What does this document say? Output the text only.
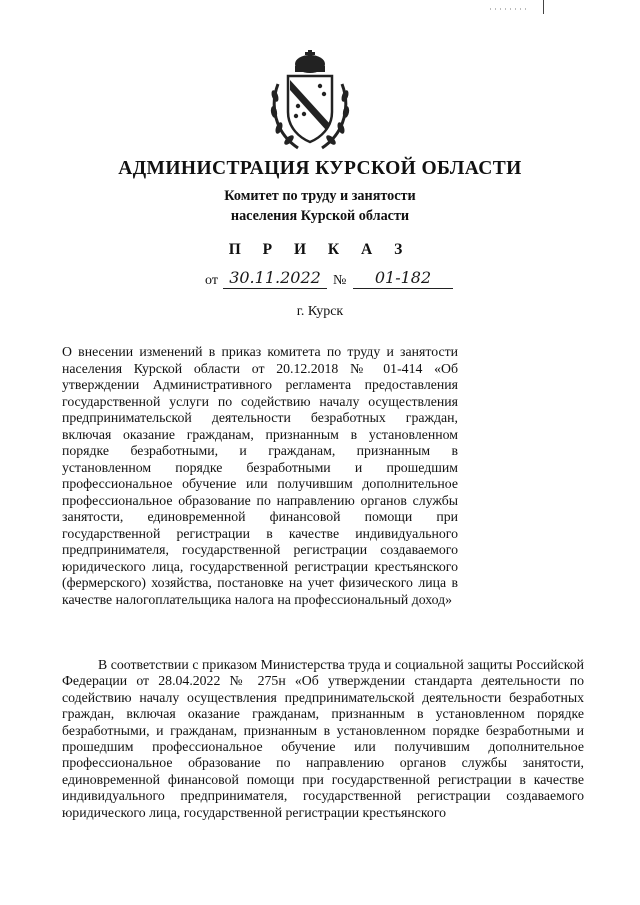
АДМИНИСТРАЦИЯ КУРСКОЙ ОБЛАСТИ
Комитет по труду и занятости
населения Курской области
П Р И К А З
от 30.11.2022 №	01-182
г. Курск
О внесении изменений в приказ комитета по труду и занятости населения Курской области от 20.12.2018 № 01-414 «Об утверждении Административного регламента предоставления государственной услуги по содействию началу осуществления предпринимательской деятельности безработных граждан, включая оказание гражданам, признанным в установленном порядке безработными, и гражданам, признанным в установленном порядке безработными и прошедшим профессиональное обучение или получившим дополнительное профессиональное образование по направлению органов службы занятости, единовременной финансовой помощи при государственной регистрации в качестве индивидуального предпринимателя, государственной регистрации создаваемого юридического лица, государственной регистрации крестьянского (фермерского) хозяйства, постановке на учет физического лица в качестве налогоплательщика налога на профессиональный доход»
В соответствии с приказом Министерства труда и социальной защиты Российской Федерации от 28.04.2022 № 275н «Об утверждении стандарта деятельности по содействию началу осуществления предпринимательской деятельности безработных граждан, включая оказание гражданам, признанным в установленном порядке безработными, и гражданам, признанным в установленном порядке безработными и прошедшим профессиональное обучение или получившим дополнительное профессиональное образование по направлению органов службы занятости, единовременной финансовой помощи при государственной регистрации в качестве индивидуального предпринимателя, государственной регистрации создаваемого юридического лица, государственной регистрации крестьянского
